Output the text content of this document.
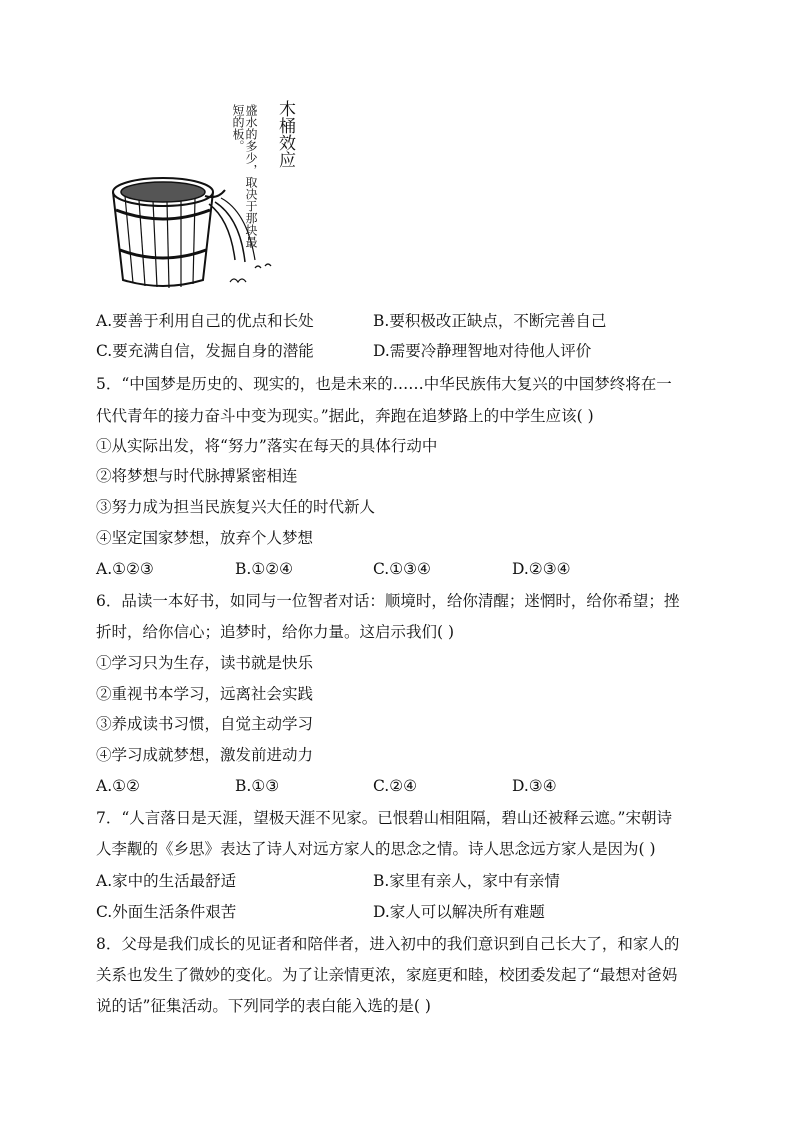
木桶效应
盛水的多少，取决于那块最短的板。
A.要善于利用自己的优点和长处	B.要积极改正缺点，不断完善自己
C.要充满自信，发掘自身的潜能	D.需要冷静理智地对待他人评价
5．“中国梦是历史的、现实的，也是未来的……中华民族伟大复兴的中国梦终将在一
代代青年的接力奋斗中变为现实。”据此，奔跑在追梦路上的中学生应该( )
①从实际出发，将“努力”落实在每天的具体行动中
②将梦想与时代脉搏紧密相连
③努力成为担当民族复兴大任的时代新人
④坚定国家梦想，放弃个人梦想
A.①②③	B.①②④	C.①③④	D.②③④
6．品读一本好书，如同与一位智者对话：顺境时，给你清醒；迷惘时，给你希望；挫
折时，给你信心；追梦时，给你力量。这启示我们( )
①学习只为生存，读书就是快乐
②重视书本学习，远离社会实践
③养成读书习惯，自觉主动学习
④学习成就梦想，激发前进动力
A.①②	B.①③	C.②④	D.③④
7．“人言落日是天涯，望极天涯不见家。已恨碧山相阻隔，碧山还被释云遮。”宋朝诗
人李觏的《乡思》表达了诗人对远方家人的思念之情。诗人思念远方家人是因为( )
A.家中的生活最舒适	B.家里有亲人，家中有亲情
C.外面生活条件艰苦	D.家人可以解决所有难题
8．父母是我们成长的见证者和陪伴者，进入初中的我们意识到自己长大了，和家人的
关系也发生了微妙的变化。为了让亲情更浓，家庭更和睦，校团委发起了“最想对爸妈
说的话”征集活动。下列同学的表白能入选的是( )
